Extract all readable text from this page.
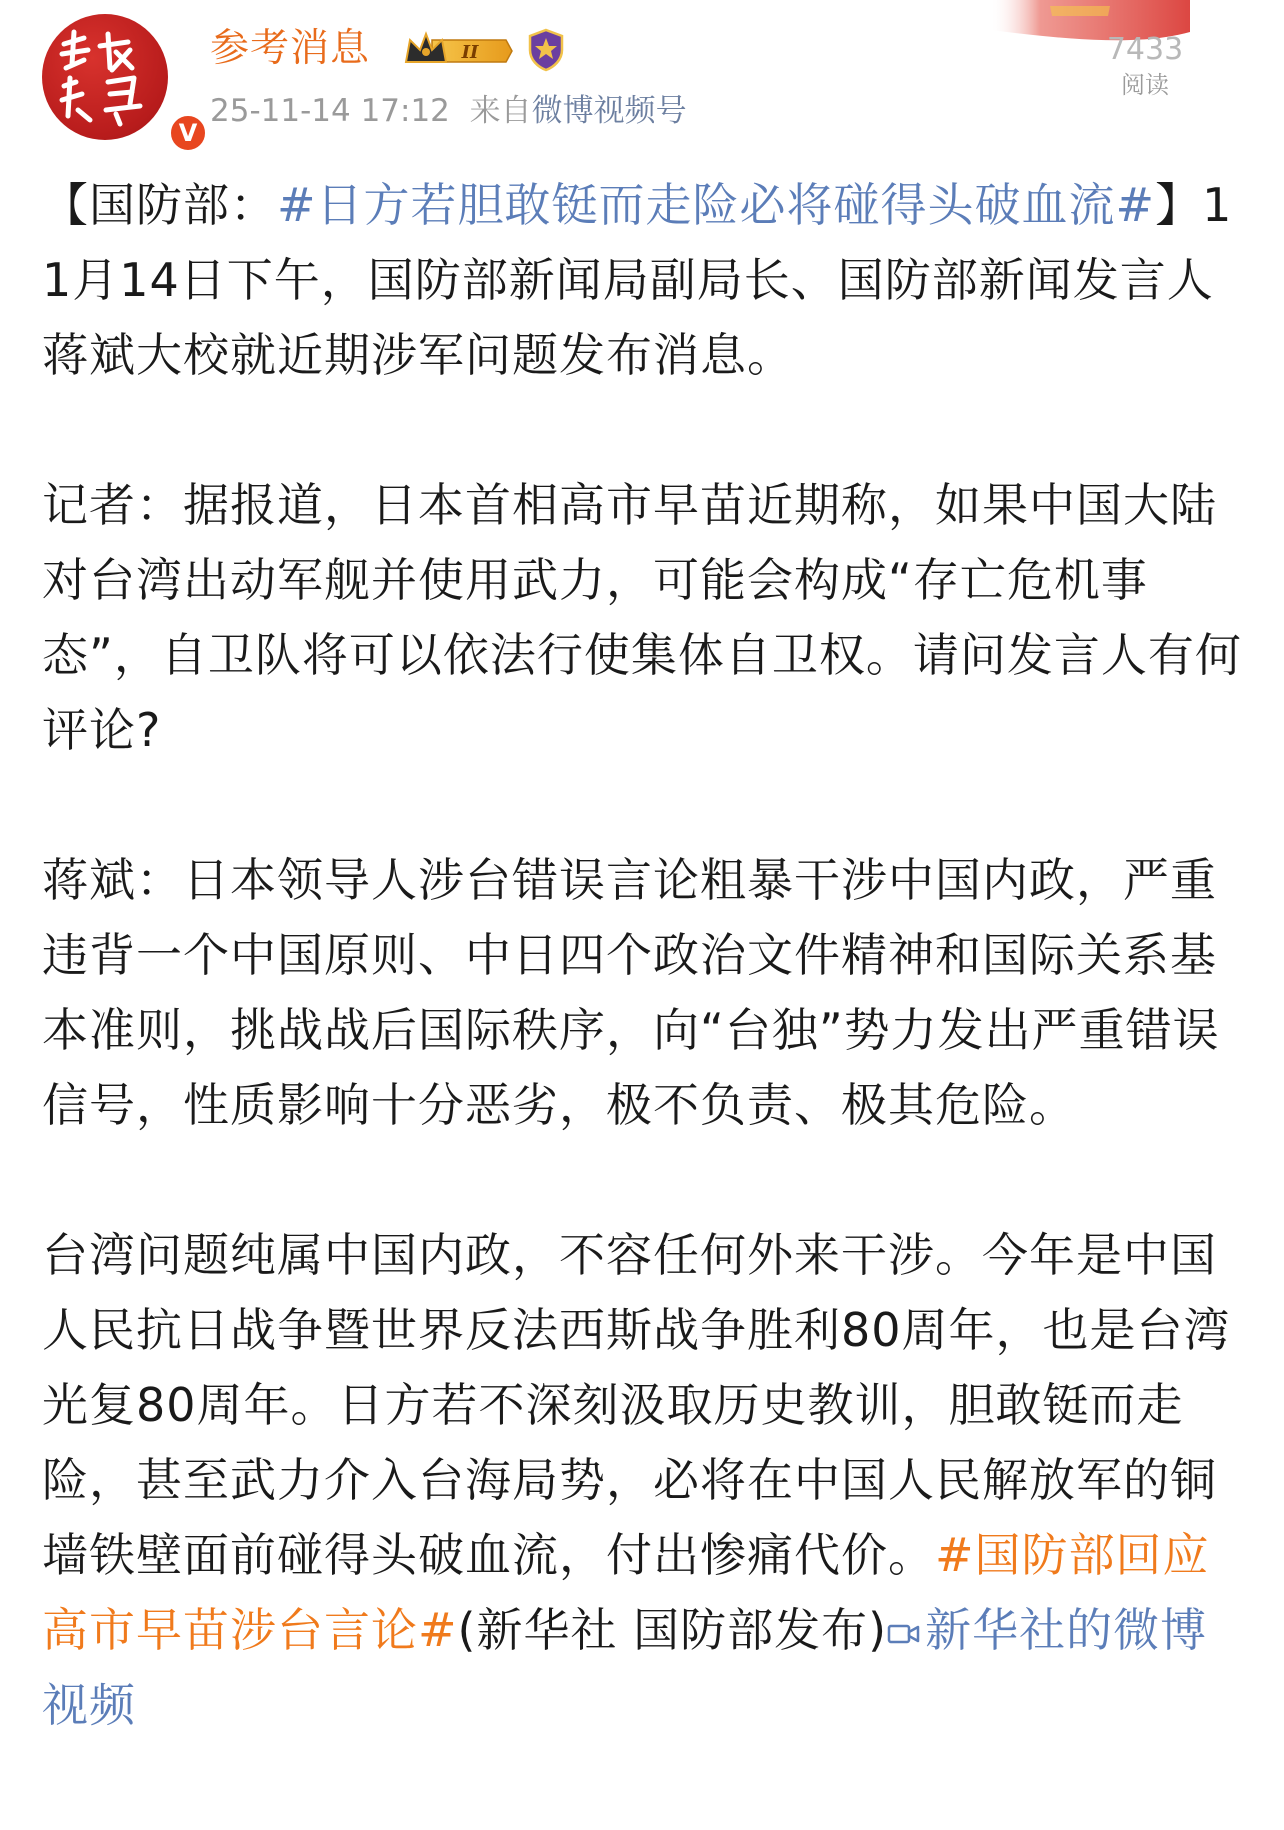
V
参考消息	II
25-11-14 17:12 来自微博视频号
7433
阅读

【国防部：#日方若胆敢铤而走险必将碰得头破血流#】11月14日下午，国防部新闻局副局长、国防部新闻发言人蒋斌大校就近期涉军问题发布消息。

记者：据报道，日本首相高市早苗近期称，如果中国大陆对台湾出动军舰并使用武力，可能会构成“存亡危机事态”，自卫队将可以依法行使集体自卫权。请问发言人有何评论?

蒋斌：日本领导人涉台错误言论粗暴干涉中国内政，严重违背一个中国原则、中日四个政治文件精神和国际关系基本准则，挑战战后国际秩序，向“台独”势力发出严重错误信号，性质影响十分恶劣，极不负责、极其危险。

台湾问题纯属中国内政，不容任何外来干涉。今年是中国人民抗日战争暨世界反法西斯战争胜利80周年，也是台湾光复80周年。日方若不深刻汲取历史教训，胆敢铤而走险，甚至武力介入台海局势，必将在中国人民解放军的铜墙铁壁面前碰得头破血流，付出惨痛代价。#国防部回应高市早苗涉台言论#(新华社 国防部发布) 新华社的微博视频
